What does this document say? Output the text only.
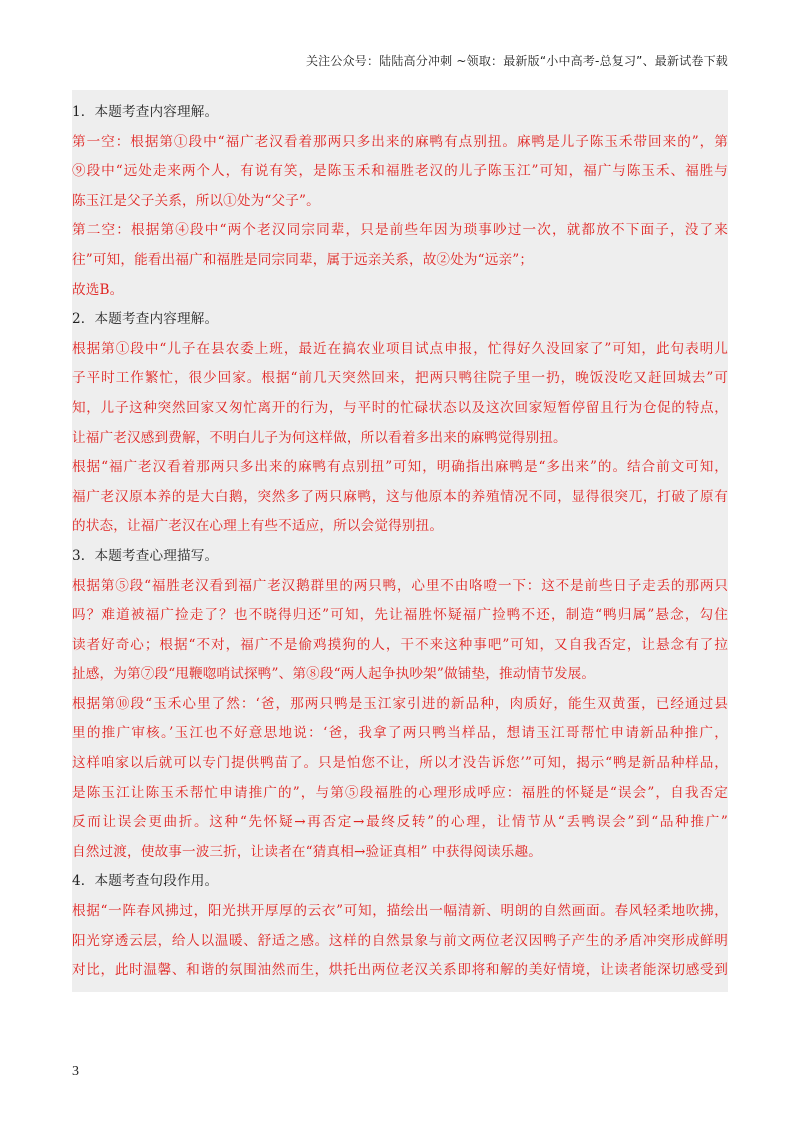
关注公众号：陆陆高分冲刺 ~领取：最新版“小中高考-总复习”、最新试卷下载
1．本题考查内容理解。
第一空：根据第①段中“福广老汉看着那两只多出来的麻鸭有点别扭。麻鸭是儿子陈玉禾带回来的”，第
⑨段中“远处走来两个人，有说有笑，是陈玉禾和福胜老汉的儿子陈玉江”可知，福广与陈玉禾、福胜与
陈玉江是父子关系，所以①处为“父子”。
第二空：根据第④段中“两个老汉同宗同辈，只是前些年因为琐事吵过一次，就都放不下面子，没了来
往”可知，能看出福广和福胜是同宗同辈，属于远亲关系，故②处为“远亲”；
故选B。
2．本题考查内容理解。
根据第①段中“儿子在县农委上班，最近在搞农业项目试点申报，忙得好久没回家了”可知，此句表明儿
子平时工作繁忙，很少回家。根据“前几天突然回来，把两只鸭往院子里一扔，晚饭没吃又赶回城去”可
知，儿子这种突然回家又匆忙离开的行为，与平时的忙碌状态以及这次回家短暂停留且行为仓促的特点，
让福广老汉感到费解，不明白儿子为何这样做，所以看着多出来的麻鸭觉得别扭。
根据“福广老汉看着那两只多出来的麻鸭有点别扭”可知，明确指出麻鸭是“多出来”的。结合前文可知，
福广老汉原本养的是大白鹅，突然多了两只麻鸭，这与他原本的养殖情况不同，显得很突兀，打破了原有
的状态，让福广老汉在心理上有些不适应，所以会觉得别扭。
3．本题考查心理描写。
根据第⑤段“福胜老汉看到福广老汉鹅群里的两只鸭，心里不由咯噔一下：这不是前些日子走丢的那两只
吗？难道被福广捡走了？也不晓得归还”可知，先让福胜怀疑福广捡鸭不还，制造“鸭归属”悬念，勾住
读者好奇心；根据“不对，福广不是偷鸡摸狗的人，干不来这种事吧”可知，又自我否定，让悬念有了拉
扯感，为第⑦段“甩鞭唿哨试探鸭”、第⑧段“两人起争执吵架”做铺垫，推动情节发展。
根据第⑩段“玉禾心里了然：‘爸，那两只鸭是玉江家引进的新品种，肉质好，能生双黄蛋，已经通过县
里的推广审核。’玉江也不好意思地说：‘爸，我拿了两只鸭当样品，想请玉江哥帮忙申请新品种推广，
这样咱家以后就可以专门提供鸭苗了。只是怕您不让，所以才没告诉您’”可知，揭示“鸭是新品种样品，
是陈玉江让陈玉禾帮忙申请推广的”，与第⑤段福胜的心理形成呼应：福胜的怀疑是“误会”，自我否定
反而让误会更曲折。这种“先怀疑→再否定→最终反转”的心理，让情节从“丢鸭误会”到“品种推广”
自然过渡，使故事一波三折，让读者在“猜真相→验证真相” 中获得阅读乐趣。
4．本题考查句段作用。
根据“一阵春风拂过，阳光拱开厚厚的云衣”可知，描绘出一幅清新、明朗的自然画面。春风轻柔地吹拂，
阳光穿透云层，给人以温暖、舒适之感。这样的自然景象与前文两位老汉因鸭子产生的矛盾冲突形成鲜明
对比，此时温馨、和谐的氛围油然而生，烘托出两位老汉关系即将和解的美好情境，让读者能深切感受到
3
